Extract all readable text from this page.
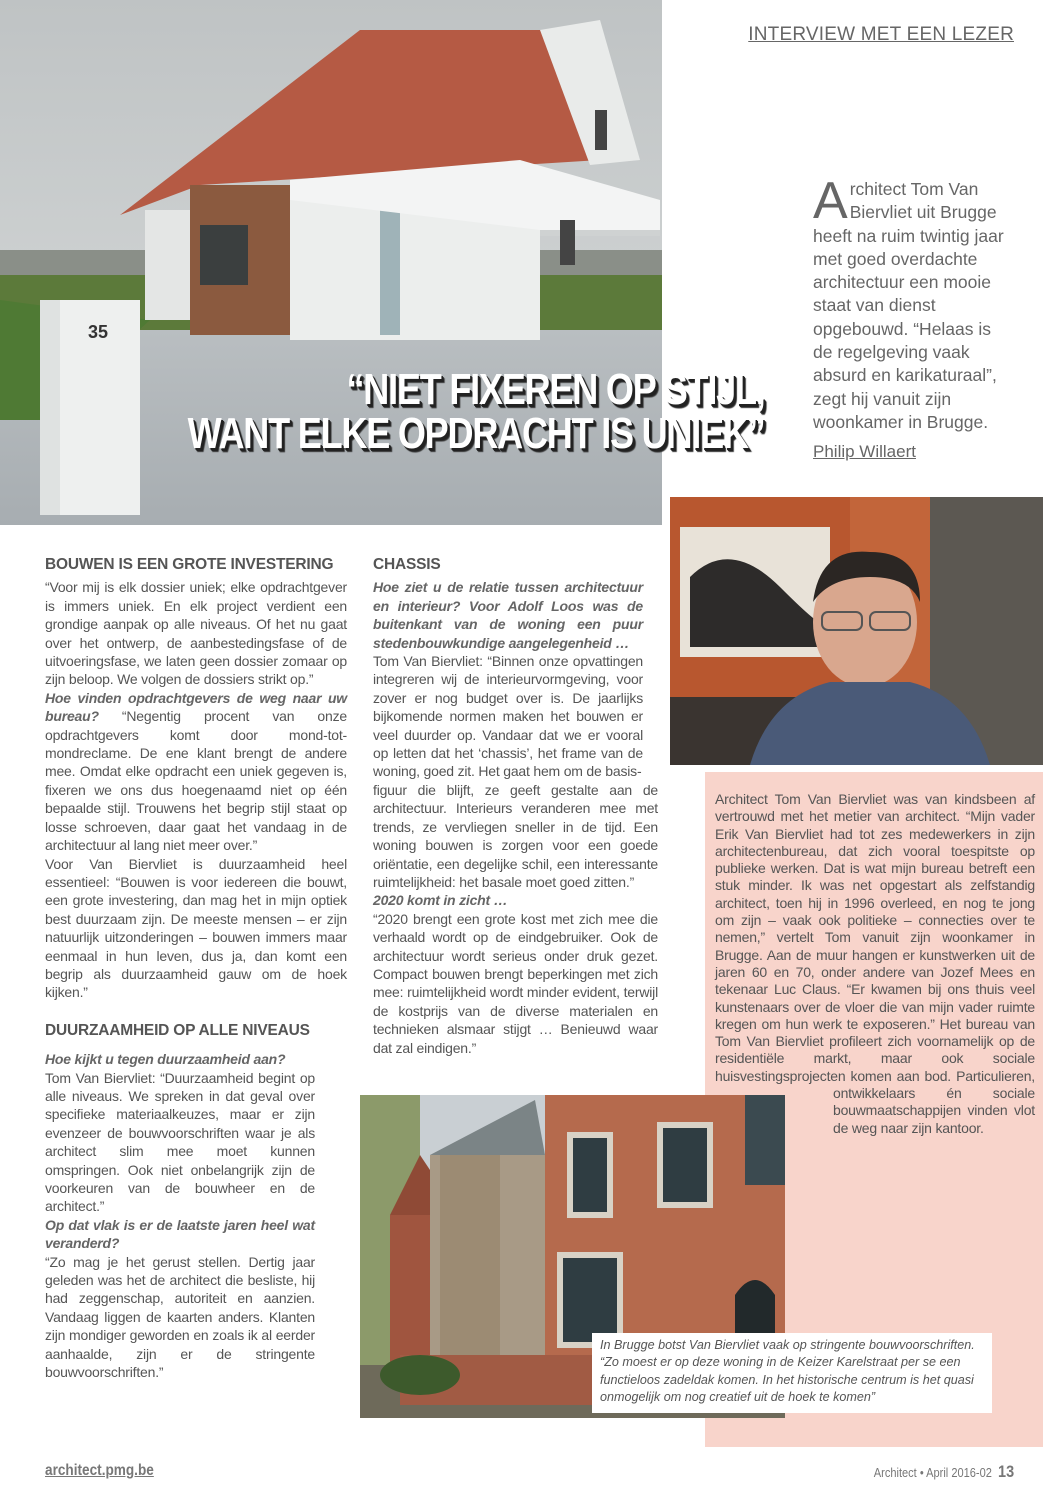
35
“NIET FIXEREN OP STIJL,
WANT ELKE OPDRACHT IS UNIEK”
INTERVIEW MET EEN LEZER
Architect Tom Van Biervliet uit Brugge heeft na ruim twintig jaar met goed overdachte architectuur een mooie staat van dienst opgebouwd. “Helaas is de regelgeving vaak absurd en karikaturaal”, zegt hij vanuit zijn woonkamer in Brugge.
Philip Willaert
BOUWEN IS EEN GROTE INVESTERING

“Voor mij is elk dossier uniek; elke opdrachtgever is immers uniek. En elk project verdient een grondige aanpak op alle niveaus. Of het nu gaat over het ontwerp, de aanbestedingsfase of de uitvoeringsfase, we laten geen dossier zomaar op zijn beloop. We volgen de dossiers strikt op.”

Hoe vinden opdrachtgevers de weg naar uw bureau? “Negentig procent van onze opdrachtgevers komt door mond-tot-mondreclame. De ene klant brengt de andere mee. Omdat elke opdracht een uniek gegeven is, fixeren we ons dus hoegenaamd niet op één bepaalde stijl. Trouwens het begrip stijl staat op losse schroeven, daar gaat het vandaag in de architectuur al lang niet meer over.”

Voor Van Biervliet is duurzaamheid heel essentieel: “Bouwen is voor iedereen die bouwt, een grote investering, dan mag het in mijn optiek best duurzaam zijn. De meeste mensen – er zijn natuurlijk uitzonderingen – bouwen immers maar eenmaal in hun leven, dus ja, dan komt een begrip als duurzaamheid gauw om de hoek kijken.”

DUURZAAMHEID OP ALLE NIVEAUS

Hoe kijkt u tegen duurzaamheid aan?

Tom Van Biervliet: “Duurzaamheid begint op alle niveaus. We spreken in dat geval over specifieke materiaalkeuzes, maar er zijn evenzeer de bouwvoorschriften waar je als architect slim mee moet kunnen omspringen. Ook niet onbelangrijk zijn de voorkeuren van de bouwheer en de architect.”

Op dat vlak is er de laatste jaren heel wat veranderd?

“Zo mag je het gerust stellen. Dertig jaar geleden was het de architect die besliste, hij had zeggenschap, autoriteit en aanzien. Vandaag liggen de kaarten anders. Klanten zijn mondiger geworden en zoals ik al eerder aanhaalde, zijn er de stringente bouwvoorschriften.”

CHASSIS

Hoe ziet u de relatie tussen architectuur en interieur? Voor Adolf Loos was de buitenkant van de woning een puur stedenbouwkundige aangelegenheid …

Tom Van Biervliet: “Binnen onze opvattingen integreren wij de interieurvormgeving, voor zover er nog budget over is. De jaarlijks bijkomende normen maken het bouwen er veel duurder op. Vandaar dat we er vooral op letten dat het ‘chassis’, het frame van de woning, goed zit. Het gaat hem om de basis-

figuur die blijft, ze geeft gestalte aan de architectuur. Interieurs veranderen mee met trends, ze vervliegen sneller in de tijd. Een woning bouwen is zorgen voor een goede oriëntatie, een degelijke schil, een interessante ruimtelijkheid: het basale moet goed zitten.”

2020 komt in zicht …

“2020 brengt een grote kost met zich mee die verhaald wordt op de eindgebruiker. Ook de architectuur wordt serieus onder druk gezet. Compact bouwen brengt beperkingen met zich mee: ruimtelijkheid wordt minder evident, terwijl de kostprijs van de diverse materialen en technieken alsmaar stijgt … Benieuwd waar dat zal eindigen.”

Architect Tom Van Biervliet was van kindsbeen af vertrouwd met het metier van architect. “Mijn vader Erik Van Biervliet had tot zes medewerkers in zijn architectenbureau, dat zich vooral toespitste op publieke werken. Dat is wat mijn bureau betreft een stuk minder. Ik was net opgestart als zelfstandig architect, toen hij in 1996 overleed, en nog te jong om zijn – vaak ook politieke – connecties over te nemen,” vertelt Tom vanuit zijn woonkamer in Brugge. Aan de muur hangen er kunstwerken uit de jaren 60 en 70, onder andere van Jozef Mees en tekenaar Luc Claus. “Er kwamen bij ons thuis veel kunstenaars over de vloer die van mijn vader ruimte kregen om hun werk te exposeren.” Het bureau van Tom Van Biervliet profileert zich voornamelijk op de residentiële markt, maar ook sociale huisvestingsprojecten komen aan bod. Particulieren, ontwikkelaars én sociale bouwmaatschappijen vinden vlot de weg naar zijn kantoor.
In Brugge botst Van Biervliet vaak op stringente bouwvoorschriften. “Zo moest er op deze woning in de Keizer Karelstraat per se een functieloos zadeldak komen. In het historische centrum is het quasi onmogelijk om nog creatief uit de hoek te komen”
architect.pmg.be	Architect • April 2016-02 13
